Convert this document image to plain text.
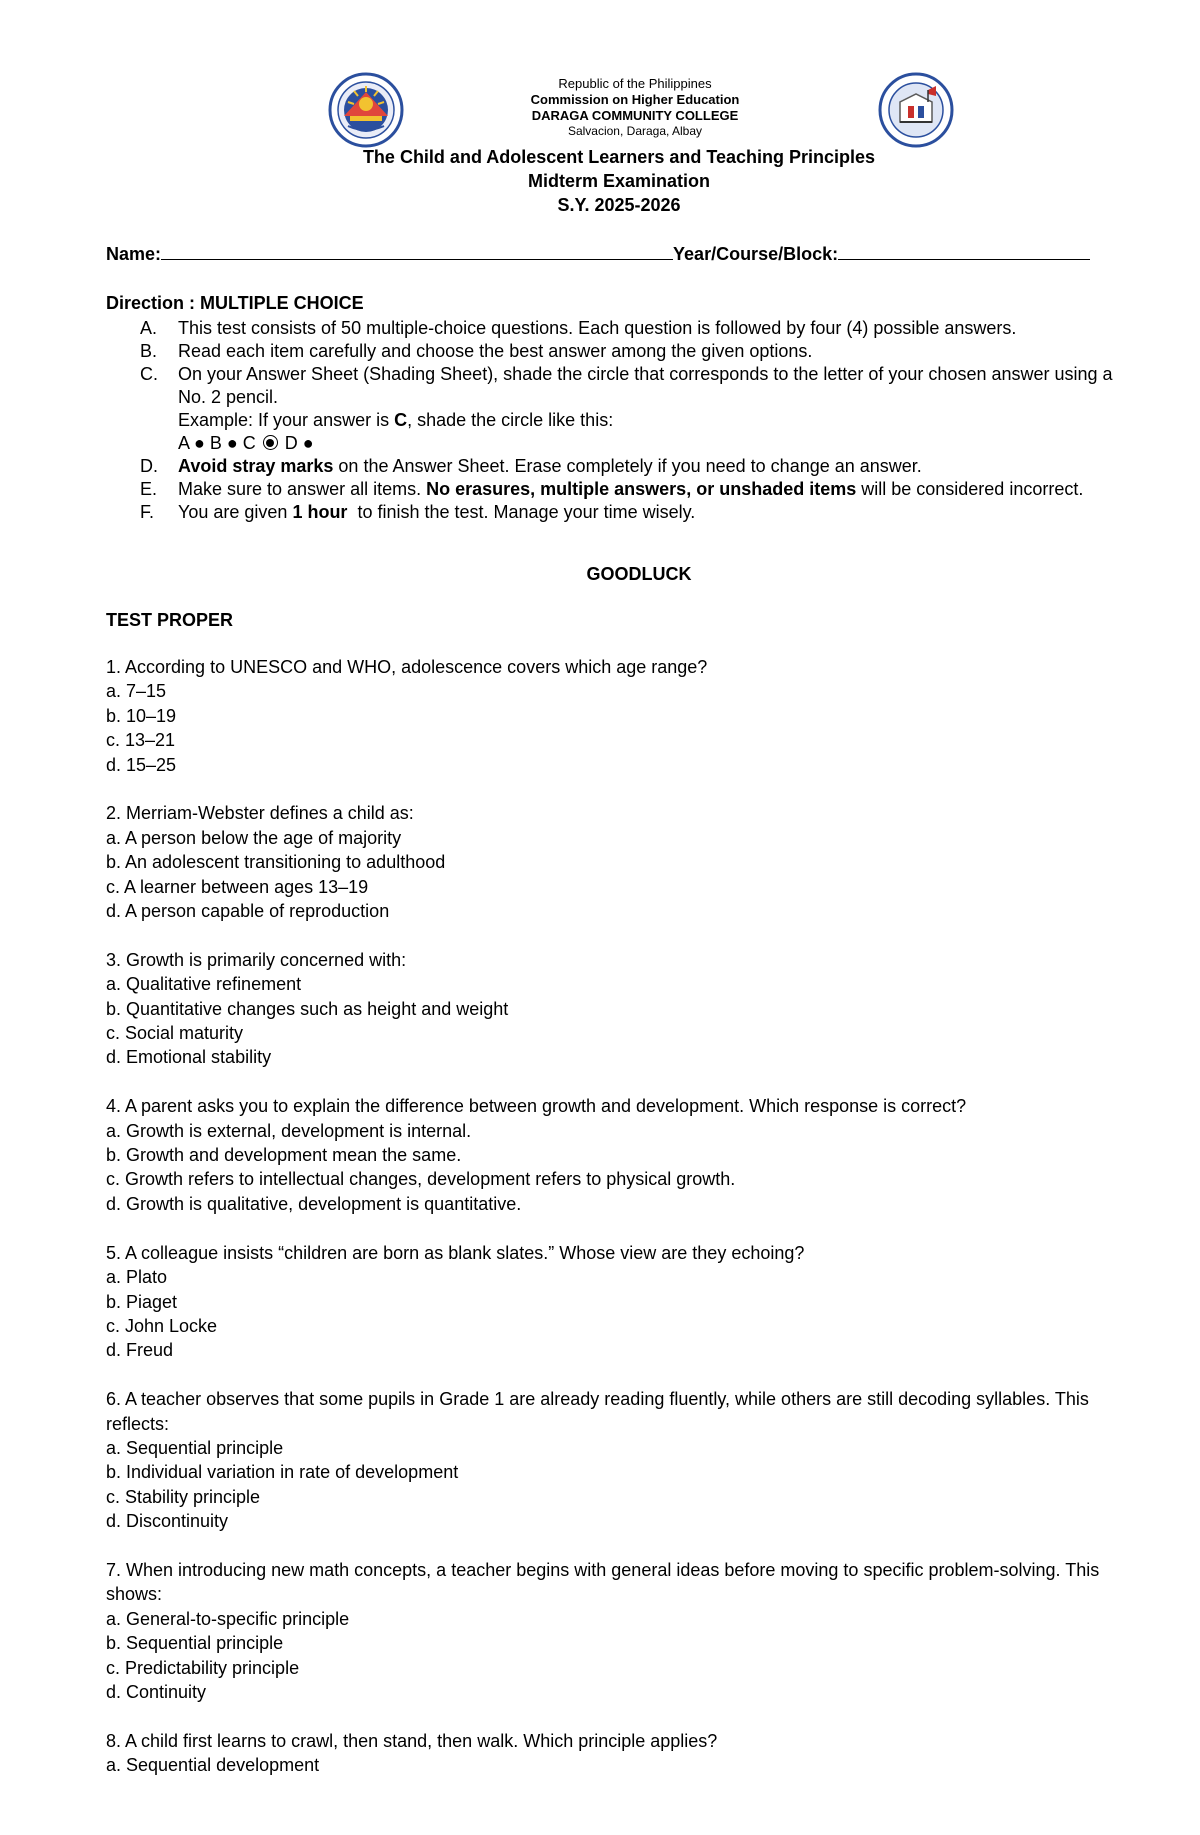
Republic of the Philippines
Commission on Higher Education
DARAGA COMMUNITY COLLEGE
Salvacion, Daraga, Albay
The Child and Adolescent Learners and Teaching Principles
Midterm Examination
S.Y. 2025-2026
Name:	Year/Course/Block:
Direction : MULTIPLE CHOICE
A.	This test consists of 50 multiple-choice questions. Each question is followed by four (4) possible answers.
B.	Read each item carefully and choose the best answer among the given options.
C.	On your Answer Sheet (Shading Sheet), shade the circle that corresponds to the letter of your chosen answer using a No. 2 pencil.
Example: If your answer is C, shade the circle like this:
A ● B ● C  D ●
D.	Avoid stray marks on the Answer Sheet. Erase completely if you need to change an answer.
E.	Make sure to answer all items. No erasures, multiple answers, or unshaded items will be considered incorrect.
F.	You are given 1 hour  to finish the test. Manage your time wisely.
GOODLUCK
TEST PROPER
1. According to UNESCO and WHO, adolescence covers which age range?
a. 7–15
b. 10–19
c. 13–21
d. 15–25
2. Merriam-Webster defines a child as:
a. A person below the age of majority
b. An adolescent transitioning to adulthood
c. A learner between ages 13–19
d. A person capable of reproduction
3. Growth is primarily concerned with:
a. Qualitative refinement
b. Quantitative changes such as height and weight
c. Social maturity
d. Emotional stability
4. A parent asks you to explain the difference between growth and development. Which response is correct?
a. Growth is external, development is internal.
b. Growth and development mean the same.
c. Growth refers to intellectual changes, development refers to physical growth.
d. Growth is qualitative, development is quantitative.
5. A colleague insists “children are born as blank slates.” Whose view are they echoing?
a. Plato
b. Piaget
c. John Locke
d. Freud
6. A teacher observes that some pupils in Grade 1 are already reading fluently, while others are still decoding syllables. This reflects:
a. Sequential principle
b. Individual variation in rate of development
c. Stability principle
d. Discontinuity
7. When introducing new math concepts, a teacher begins with general ideas before moving to specific problem-solving. This shows:
a. General-to-specific principle
b. Sequential principle
c. Predictability principle
d. Continuity
8. A child first learns to crawl, then stand, then walk. Which principle applies?
a. Sequential development
